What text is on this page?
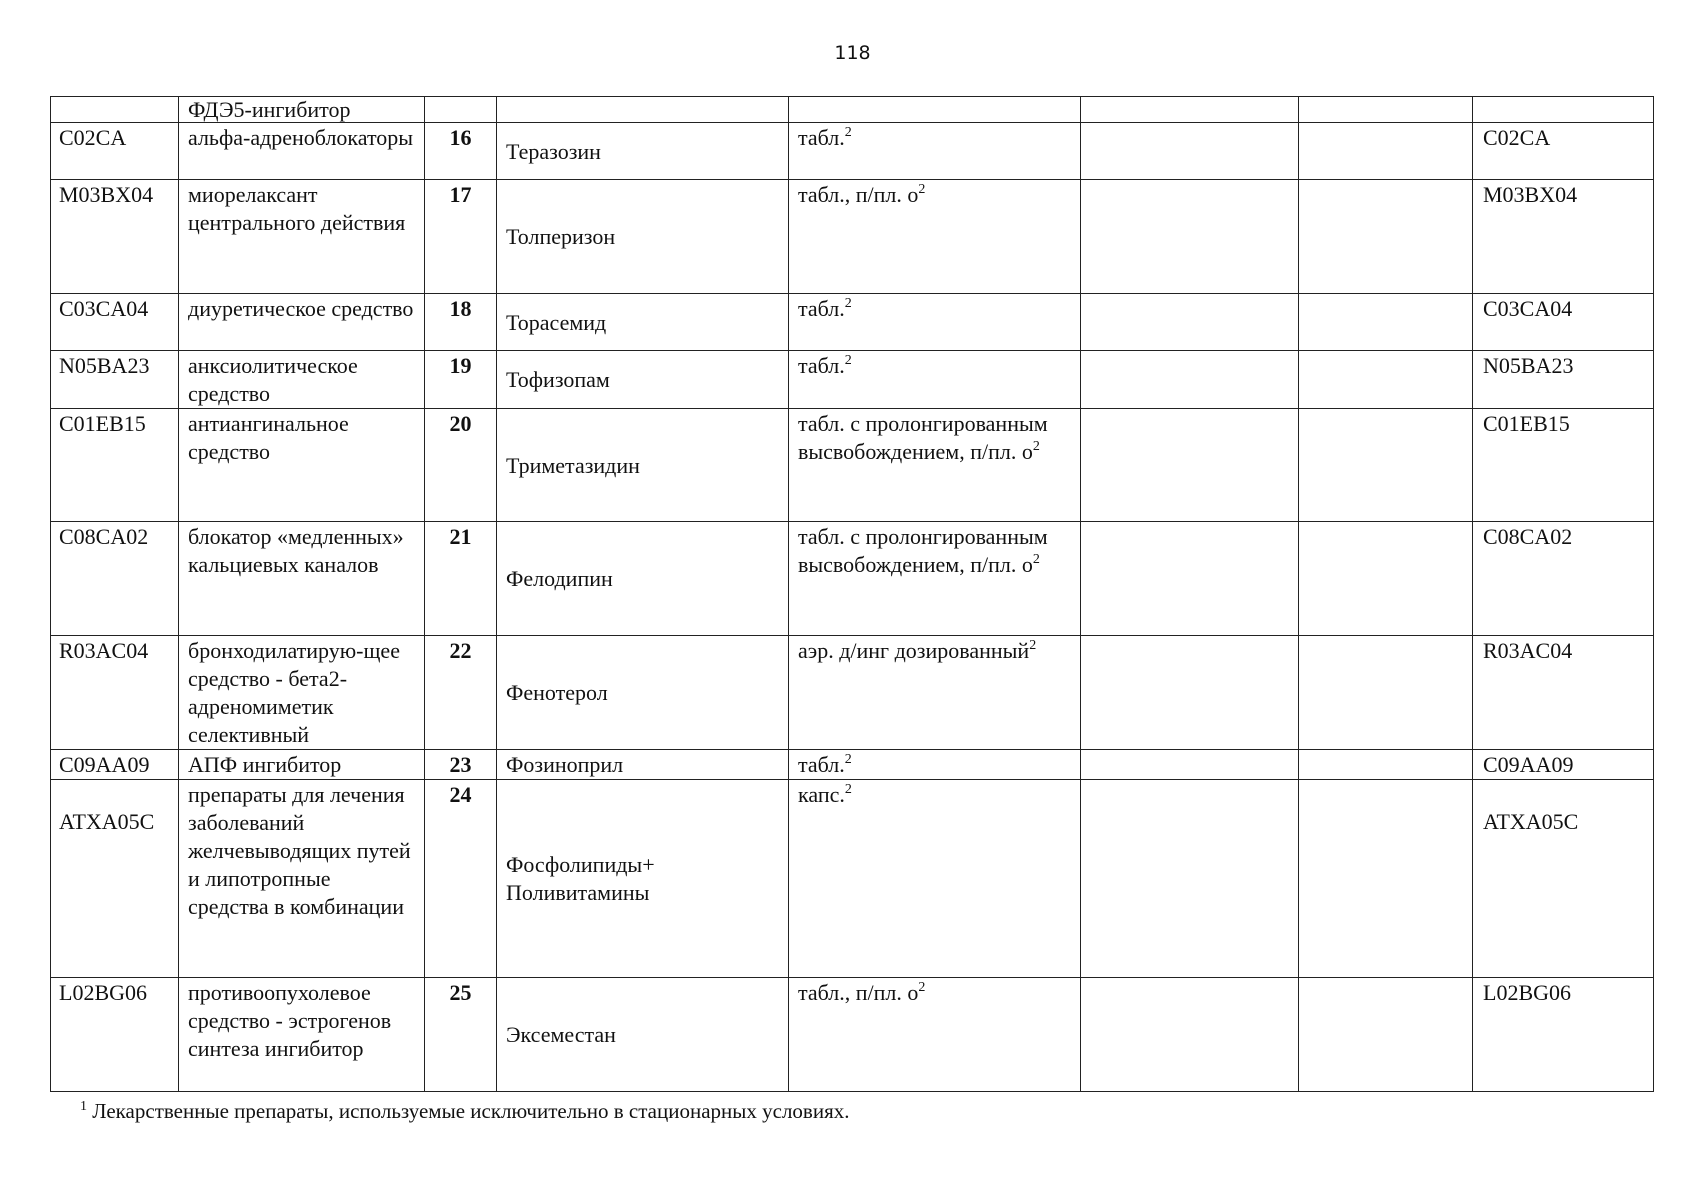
118
	ФДЭ5-ингибитор						
C02CA	альфа-адреноблокаторы	16	Теразозин	табл.$^2$			C02CA
M03BX04	миорелаксант центрального действия	17	Толперизон	табл., п/пл. $о^2$			M03BX04
C03CA04	диуретическое средство	18	Торасемид	табл.$^2$			C03CA04
N05BA23	анксиолитическое средство	19	Тофизопам	табл.$^2$			N05BA23
C01EB15	антиангинальное средство	20	Триметазидин	табл. с пролонгированным высвобождением, п/пл. $о^2$			C01EB15
C08CA02	блокатор «медленных» кальциевых каналов	21	Фелодипин	табл. с пролонгированным высвобождением, п/пл. $о^2$			C08CA02
R03AC04	бронходилатирую-щее средство - бета2-адреномиметик селективный	22	Фенотерол	аэр. д/инг дозированный$^2$			R03AC04
C09AA09	АПФ ингибитор	23	Фозиноприл	табл.$^2$			C09AA09
ATXA05C	препараты для лечения заболеваний желчевыводящих путей и липотропные средства в комбинации	24	Фосфолипиды+ Поливитамины	капс.$^2$			ATXA05C
L02BG06	противоопухолевое средство - эстрогенов синтеза ингибитор	25	Эксеместан	табл., п/пл. $о^2$			L02BG06
$^1$ Лекарственные препараты, используемые исключительно в стационарных условиях.
